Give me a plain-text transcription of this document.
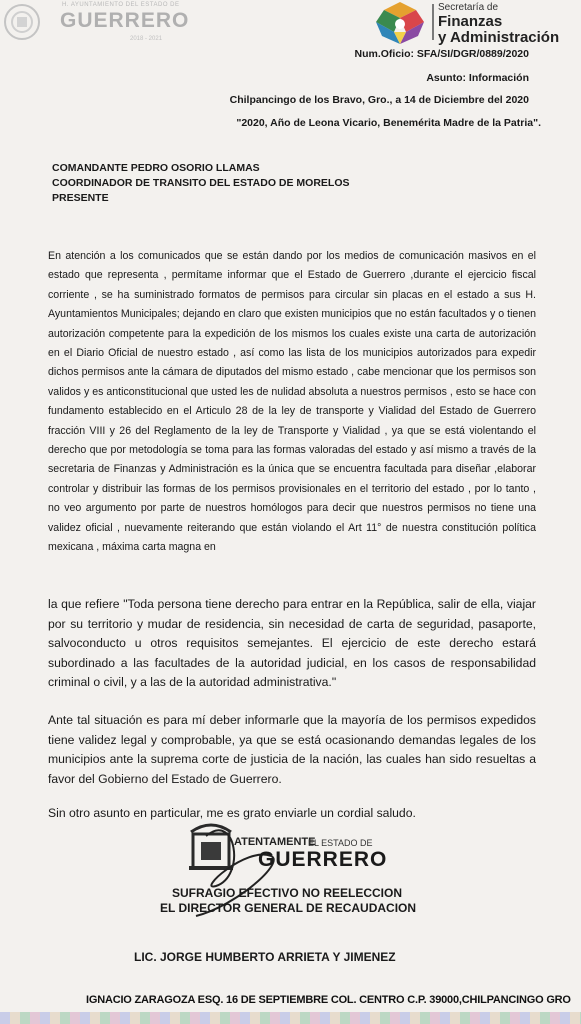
H. AYUNTAMIENTO DEL ESTADO DE
GUERRERO
2018 - 2021
Secretaría de
Finanzas
y Administración
Num.Oficio: SFA/SI/DGR/0889/2020
Asunto: Información
Chilpancingo de los Bravo, Gro., a 14 de Diciembre del 2020
"2020, Año de Leona Vicario, Benemérita Madre de la Patria".
COMANDANTE PEDRO OSORIO LLAMAS
COORDINADOR DE TRANSITO DEL ESTADO DE MORELOS
PRESENTE
En atención a los comunicados que se están dando por los medios de comunicación masivos en el estado que representa , permítame informar que el Estado de Guerrero ,durante el ejercicio fiscal corriente , se ha suministrado formatos de permisos para circular sin placas en el estado a sus H. Ayuntamientos Municipales; dejando en claro que existen municipios que no están facultados y o tienen autorización competente para la expedición de los mismos los cuales existe una carta de autorización en el Diario Oficial de nuestro estado , así como las lista de los municipios autorizados para expedir dichos permisos ante la cámara de diputados del mismo estado , cabe mencionar que los permisos son validos y es anticonstitucional que usted les de nulidad absoluta a nuestros permisos , esto se hace con fundamento establecido en el Articulo 28 de la ley de transporte y Vialidad del Estado de Guerrero fracción VIII y 26 del Reglamento de la ley de Transporte y Vialidad , ya que se está violentando el derecho que por metodología se toma para las formas valoradas del estado y así mismo a través de la secretaria de Finanzas y Administración es la única que se encuentra facultada para diseñar ,elaborar controlar y distribuir las formas de los permisos provisionales en el territorio del estado , por lo tanto , no veo argumento por parte de nuestros homólogos para decir que nuestros permisos no tiene una validez oficial , nuevamente reiterando que están violando el Art 11° de nuestra constitución política mexicana , máxima carta magna en
la que refiere "Toda persona tiene derecho para entrar en la República, salir de ella, viajar por su territorio y mudar de residencia, sin necesidad de carta de seguridad, pasaporte, salvoconducto u otros requisitos semejantes. El ejercicio de este derecho estará subordinado a las facultades de la autoridad judicial, en los casos de responsabilidad criminal o civil, y a las de la autoridad administrativa."
Ante tal situación es para mí deber informarle que la mayoría de los permisos expedidos tiene validez legal y comprobable, ya que se está ocasionando demandas legales de los municipios ante la suprema corte de justicia de la nación, las cuales han sido resueltas a favor del Gobierno del Estado de Guerrero.
Sin otro asunto en particular, me es grato enviarle un cordial saludo.
ATENTAMENTE
EL ESTADO DE
GUERRERO
SUFRAGIO EFECTIVO NO REELECCION
EL DIRECTOR GENERAL DE RECAUDACION
LIC. JORGE HUMBERTO ARRIETA Y JIMENEZ
IGNACIO ZARAGOZA ESQ. 16 DE SEPTIEMBRE COL. CENTRO C.P. 39000,CHILPANCINGO GRO
